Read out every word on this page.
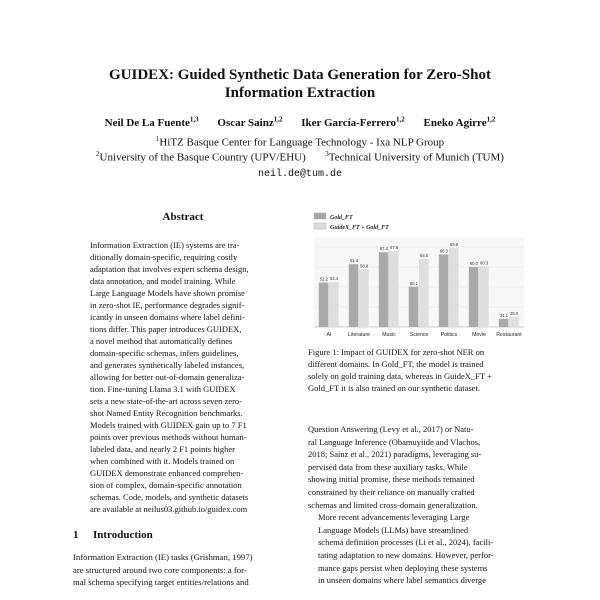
GUIDEX: Guided Synthetic Data Generation for Zero-Shot
Information Extraction
Neil De La Fuente$^{1,3}$ Oscar Sainz$^{1,2}$ Iker García-Ferrero$^{1,2}$ Eneko Agirre$^{1,2}$
$^1$HiTZ Basque Center for Language Technology - Ixa NLP Group
$^2$University of the Basque Country (UPV/EHU)	$^3$Technical University of Munich (TUM)
neil.de@tum.de
Abstract
Information Extraction (IE) systems are tra-
ditionally domain-specific, requiring costly
adaptation that involves expert schema design,
data annotation, and model training. While
Large Language Models have shown promise
in zero-shot IE, performance degrades signif-
icantly in unseen domains where label defini-
tions differ. This paper introduces GUIDEX,
a novel method that automatically defines
domain-specific schemas, infers guidelines,
and generates synthetically labeled instances,
allowing for better out-of-domain generaliza-
tion. Fine-tuning Llama 3.1 with GUIDEX
sets a new state-of-the-art across seven zero-
shot Named Entity Recognition benchmarks.
Models trained with GUIDEX gain up to 7 F1
points over previous methods without human-
labeled data, and nearly 2 F1 points higher
when combined with it. Models trained on
GUIDEX demonstrate enhanced comprehen-
sion of complex, domain-specific annotation
schemas. Code, models, and synthetic datasets
are available at neilus03.github.io/guidex.com
1 Introduction
Information Extraction (IE) tasks (Grishman, 1997)
are structured around two core components: a for-
mal schema specifying target entities/relations and
Gold_FT
GuideX_FT + Gold_FT
52.2 52.4
AI
61.4
58.8
Literature
67.4 67.9
Music
50.1
64.0
Science
66.3
69.6
Politics
60.0 60.3
Movie
34.1 35.0
Restaurant
Figure 1: Impact of GUIDEX for zero-shot NER on
different domains. In Gold_FT, the model is trained
solely on gold training data, whereas in GuideX_FT +
Gold_FT it is also trained on our synthetic dataset.

Question Answering (Levy et al., 2017) or Natu-
ral Language Inference (Obamuyiide and Vlachos,
2018; Sainz et al., 2021) paradigms, leveraging su-
pervised data from these auxiliary tasks. While
showing initial promise, these methods remained
constrained by their reliance on manually crafted
schemas and limited cross-domain generalization.

More recent advancements leveraging Large
Language Models (LLMs) have streamlined
schema definition processes (Li et al., 2024), facili-
tating adaptation to new domains. However, perfor-
mance gaps persist when deploying these systems
in unseen domains where label semantics diverge
